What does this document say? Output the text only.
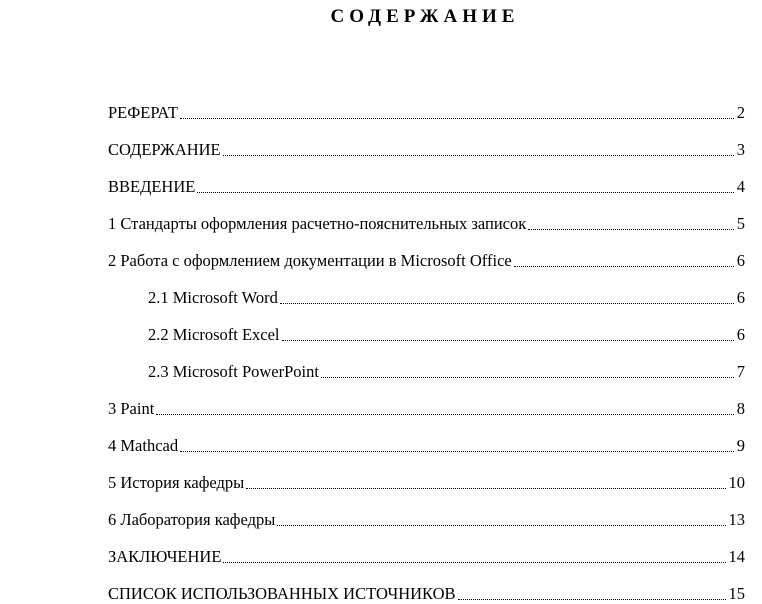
СОДЕРЖАНИЕ
РЕФЕРАТ	2
СОДЕРЖАНИЕ	3
ВВЕДЕНИЕ	4
1 Стандарты оформления расчетно-пояснительных записок	5
2 Работа с оформлением документации в Microsoft Office	6
2.1 Microsoft Word	6
2.2 Microsoft Excel	6
2.3 Microsoft PowerPoint	7
3 Paint	8
4 Mathcad	9
5 История кафедры	10
6 Лаборатория кафедры	13
ЗАКЛЮЧЕНИЕ	14
СПИСОК ИСПОЛЬЗОВАННЫХ ИСТОЧНИКОВ	15
